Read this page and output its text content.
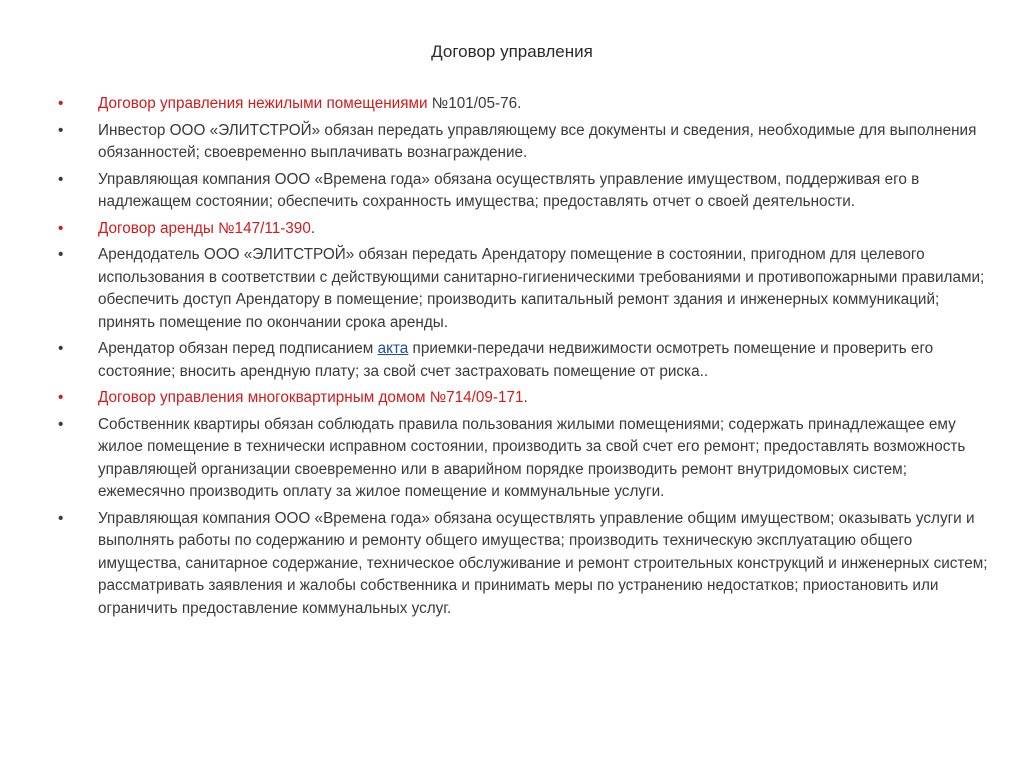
Договор управления
•	Договор управления нежилыми помещениями №101/05-76.
•	Инвестор ООО «ЭЛИТСТРОЙ» обязан передать управляющему все документы и сведения, необходимые для выполнения обязанностей; своевременно выплачивать вознаграждение.
•	Управляющая компания ООО «Времена года» обязана осуществлять управление имуществом, поддерживая его в надлежащем состоянии; обеспечить сохранность имущества; предоставлять отчет о своей деятельности.
•	Договор аренды №147/11-390.
•	Арендодатель ООО «ЭЛИТСТРОЙ» обязан передать Арендатору помещение в состоянии, пригодном для целевого использования в соответствии с действующими санитарно-гигиеническими требованиями и противопожарными правилами; обеспечить доступ Арендатору в помещение; производить капитальный ремонт здания и инженерных коммуникаций; принять помещение по окончании срока аренды.
•	Арендатор обязан перед подписанием акта приемки-передачи недвижимости осмотреть помещение и проверить его состояние; вносить арендную плату; за свой счет застраховать помещение от риска..
•	Договор управления многоквартирным домом №714/09-171.
•	Собственник квартиры обязан соблюдать правила пользования жилыми помещениями; содержать принадлежащее ему жилое помещение в технически исправном состоянии, производить за свой счет его ремонт; предоставлять возможность управляющей организации своевременно или в аварийном порядке производить ремонт внутридомовых систем; ежемесячно производить оплату за жилое помещение и коммунальные услуги.
•	Управляющая компания ООО «Времена года» обязана осуществлять управление общим имуществом; оказывать услуги и выполнять работы по содержанию и ремонту общего имущества; производить техническую эксплуатацию общего имущества, санитарное содержание, техническое обслуживание и ремонт строительных конструкций и инженерных систем; рассматривать заявления и жалобы собственника и принимать меры по устранению недостатков; приостановить или ограничить предоставление коммунальных услуг.
